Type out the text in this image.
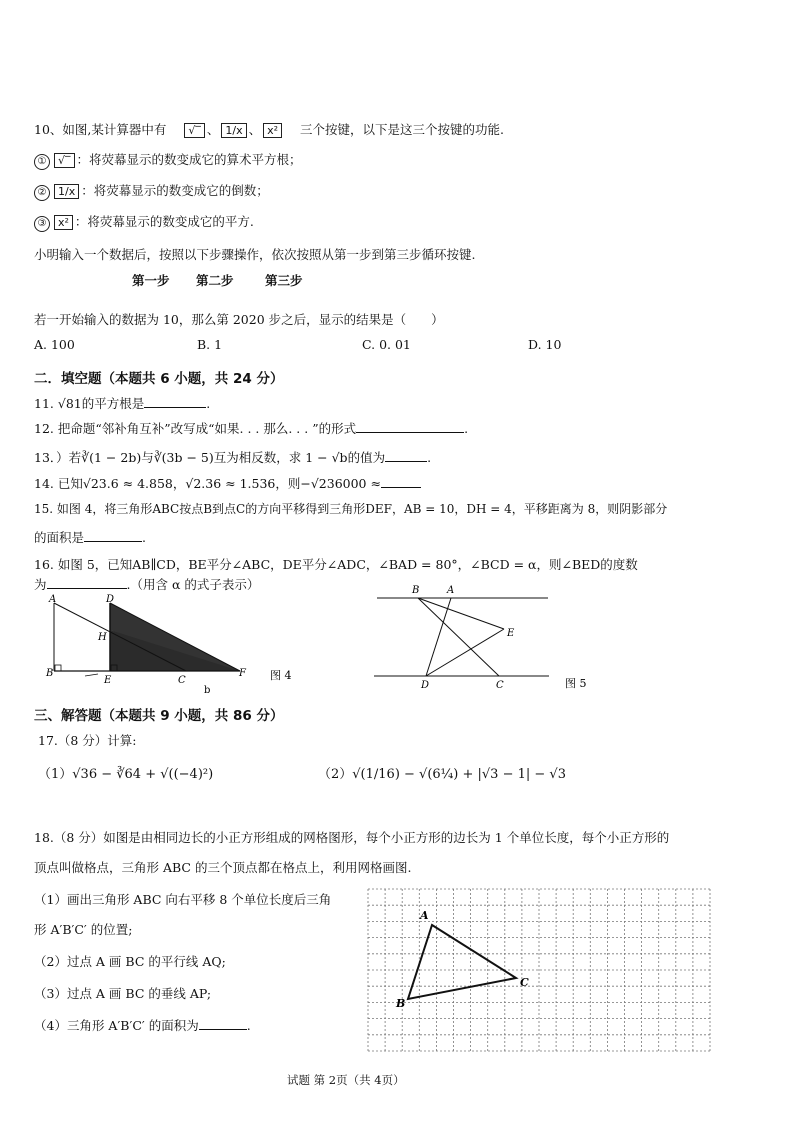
10、如图,某计算器中有 √‾ 、 1/x 、 x² 三个按键，以下是这三个按键的功能.
① √‾ ：将荧幕显示的数变成它的算术平方根；
② 1/x ：将荧幕显示的数变成它的倒数；
③ x² ：将荧幕显示的数变成它的平方.
小明输入一个数据后，按照以下步骤操作，依次按照从第一步到第三步循环按键.
第一步 第二步	第三步
若一开始输入的数据为 10，那么第 2020 步之后，显示的结果是（　　）
A. 100	B. 1	C. 0. 01	D. 10
二．填空题（本题共 6 小题，共 24 分）
11. √81的平方根是	.
12. 把命题“邻补角互补”改写成“如果. . . 那么. . . ”的形式	.
13．）若∛(1 − 2b)与∛(3b − 5)互为相反数，求 1 − √b的值为	.
14. 已知√23.6 ≈ 4.858，√2.36 ≈ 1.536，则−√236000 ≈
15. 如图 4，将三角形ABC按点B到点C的方向平移得到三角形DEF，AB = 10，DH = 4，平移距离为 8，则阴影部分
的面积是	.
16. 如图 5，已知AB∥CD，BE平分∠ABC，DE平分∠ADC，∠BAD = 80°，∠BCD = α，则∠BED的度数
为	.（用含 α 的式子表示）
A	D
H
B
E	C
F
b
图 4
B	A
E
D	C	图 5
三、解答题（本题共 9 小题，共 86 分）
17.（8 分）计算:
（1）√36 − ∛64 + √((−4)²)	（2）√(1/16) − √(6¼) + |√3 − 1| − √3
18.（8 分）如图是由相同边长的小正方形组成的网格图形，每个小正方形的边长为 1 个单位长度，每个小正方形的
顶点叫做格点，三角形 ABC 的三个顶点都在格点上，利用网格画图.
（1）画出三角形 ABC 向右平移 8 个单位长度后三角
形 A′B′C′ 的位置;
（2）过点 A 画 BC 的平行线 AQ;
（3）过点 A 画 BC 的垂线 AP;
（4）三角形 A′B′C′ 的面积为	.
A
B
C
试题 第 2页（共 4页）
